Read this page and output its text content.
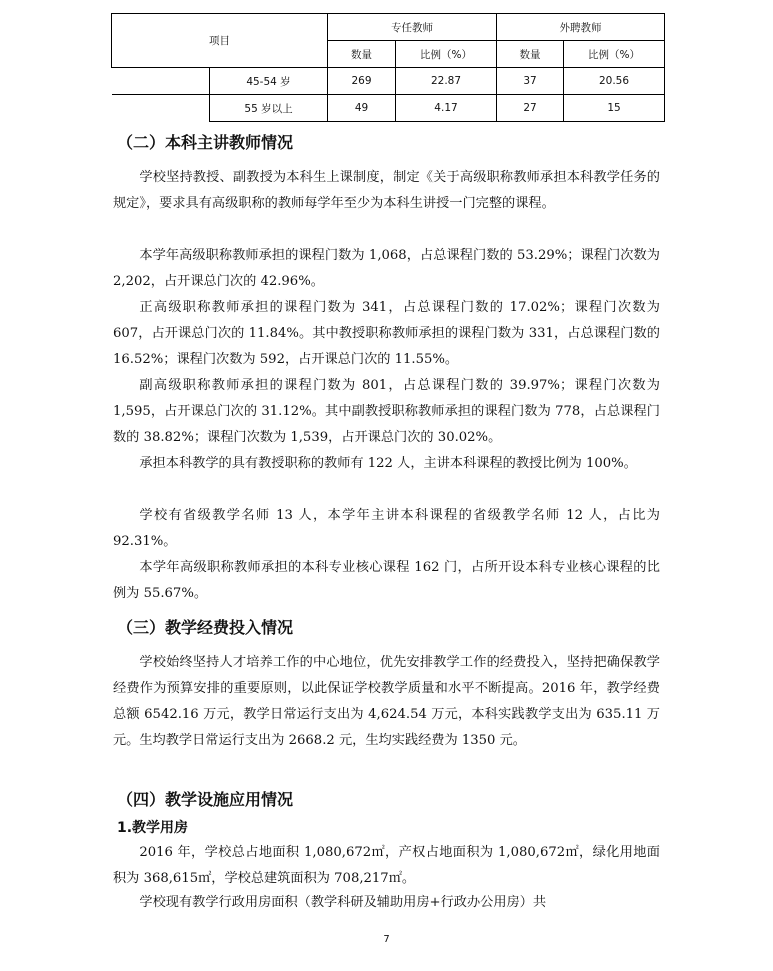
项目		专任教师		外聘教师	
		数量	比例（%）	数量	比例（%）
	45-54 岁	269	22.87	37	20.56
	55 岁以上	49	4.17	27	15
（二）本科主讲教师情况

学校坚持教授、副教授为本科生上课制度，制定《关于高级职称教师承担本科教学任务的规定》，要求具有高级职称的教师每学年至少为本科生讲授一门完整的课程。

本学年高级职称教师承担的课程门数为 1,068，占总课程门数的 53.29%；课程门次数为 2,202，占开课总门次的 42.96%。

正高级职称教师承担的课程门数为 341，占总课程门数的 17.02%；课程门次数为 607，占开课总门次的 11.84%。其中教授职称教师承担的课程门数为 331，占总课程门数的 16.52%；课程门次数为 592，占开课总门次的 11.55%。

副高级职称教师承担的课程门数为 801，占总课程门数的 39.97%；课程门次数为 1,595，占开课总门次的 31.12%。其中副教授职称教师承担的课程门数为 778，占总课程门数的 38.82%；课程门次数为 1,539，占开课总门次的 30.02%。

承担本科教学的具有教授职称的教师有 122 人，主讲本科课程的教授比例为 100%。

学校有省级教学名师 13 人，本学年主讲本科课程的省级教学名师 12 人，占比为 92.31%。

本学年高级职称教师承担的本科专业核心课程 162 门，占所开设本科专业核心课程的比例为 55.67%。

（三）教学经费投入情况

学校始终坚持人才培养工作的中心地位，优先安排教学工作的经费投入，坚持把确保教学经费作为预算安排的重要原则，以此保证学校教学质量和水平不断提高。2016 年，教学经费总额 6542.16 万元，教学日常运行支出为 4,624.54 万元，本科实践教学支出为 635.11 万元。生均教学日常运行支出为 2668.2 元，生均实践经费为 1350 元。

（四）教学设施应用情况
1.教学用房

2016 年，学校总占地面积 1,080,672㎡，产权占地面积为 1,080,672㎡，绿化用地面积为 368,615㎡，学校总建筑面积为 708,217㎡。

学校现有教学行政用房面积（教学科研及辅助用房+行政办公用房）共

7
